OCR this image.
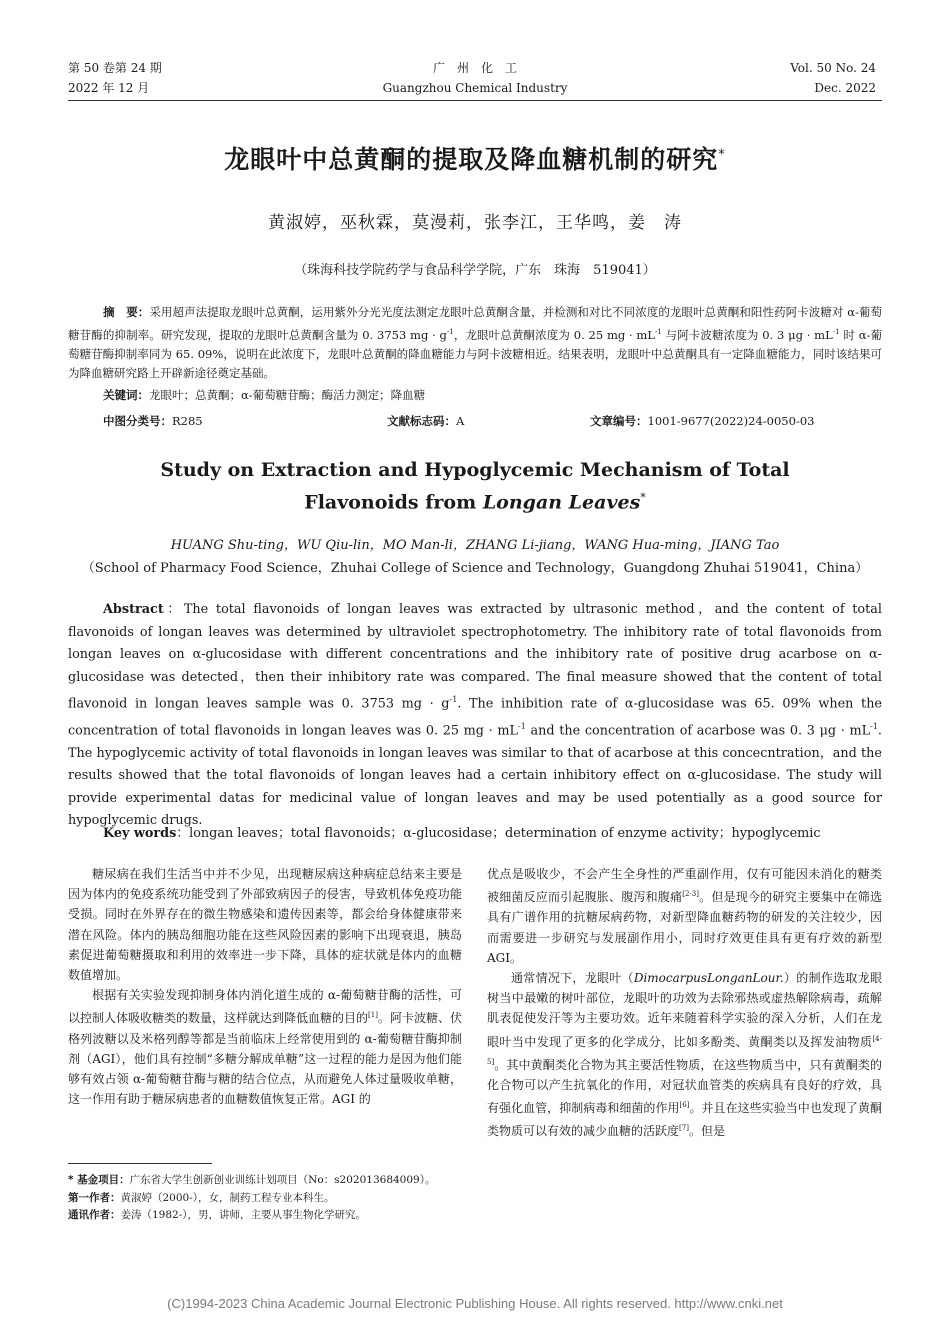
第 50 卷第 24 期
2022 年 12 月
广　州　化　工
Guangzhou Chemical Industry
Vol. 50 No. 24
Dec. 2022
龙眼叶中总黄酮的提取及降血糖机制的研究*
黄淑婷，巫秋霖，莫漫莉，张李江，王华鸣，姜　涛
（珠海科技学院药学与食品科学学院，广东　珠海　519041）
摘　要：采用超声法提取龙眼叶总黄酮，运用紫外分光光度法测定龙眼叶总黄酮含量，并检测和对比不同浓度的龙眼叶总黄酮和阳性药阿卡波糖对 α-葡萄糖苷酶的抑制率。研究发现，提取的龙眼叶总黄酮含量为 0. 3753 mg · $g^{-1}$，龙眼叶总黄酮浓度为 0. 25 mg · $mL^{-1}$ 与阿卡波糖浓度为 0. 3 $\mu g \cdot mL^{-1}$ 时 α-葡萄糖苷酶抑制率同为 65. 09%，说明在此浓度下，龙眼叶总黄酮的降血糖能力与阿卡波糖相近。结果表明，龙眼叶中总黄酮具有一定降血糖能力，同时该结果可为降血糖研究路上开辟新途径奠定基础。
关键词：龙眼叶；总黄酮；α-葡萄糖苷酶；酶活力测定；降血糖
中图分类号：R285	文献标志码：A	文章编号：1001-9677(2022)24-0050-03
Study on Extraction and Hypoglycemic Mechanism of Total
Flavonoids from Longan Leaves*
HUANG Shu-ting，WU Qiu-lin，MO Man-li，ZHANG Li-jiang，WANG Hua-ming，JIANG Tao
（School of Pharmacy Food Science，Zhuhai College of Science and Technology，Guangdong Zhuhai 519041，China）
Abstract：The total flavonoids of longan leaves was extracted by ultrasonic method，and the content of total flavonoids of longan leaves was determined by ultraviolet spectrophotometry. The inhibitory rate of total flavonoids from longan leaves on α-glucosidase with different concentrations and the inhibitory rate of positive drug acarbose on α-glucosidase was detected，then their inhibitory rate was compared. The final measure showed that the content of total flavonoid in longan leaves sample was 0. 3753 mg · $g^{-1}$. The inhibition rate of α-glucosidase was 65. 09% when the concentration of total flavonoids in longan leaves was 0. 25 mg · $mL^{-1}$ and the concentration of acarbose was 0. 3 $\mu g \cdot mL^{-1}$. The hypoglycemic activity of total flavonoids in longan leaves was similar to that of acarbose at this concecntration，and the results showed that the total flavonoids of longan leaves had a certain inhibitory effect on α-glucosidase. The study will provide experimental datas for medicinal value of longan leaves and may be used potentially as a good source for hypoglycemic drugs.
Key words：longan leaves；total flavonoids；α-glucosidase；determination of enzyme activity；hypoglycemic

糖尿病在我们生活当中并不少见，出现糖尿病这种病症总结来主要是因为体内的免疫系统功能受到了外部致病因子的侵害，导致机体免疫功能受损。同时在外界存在的微生物感染和遗传因素等，都会给身体健康带来潜在风险。体内的胰岛细胞功能在这些风险因素的影响下出现衰退，胰岛素促进葡萄糖摄取和利用的效率进一步下降，具体的症状就是体内的血糖数值增加。

根据有关实验发现抑制身体内消化道生成的 α-葡萄糖苷酶的活性，可以控制人体吸收糖类的数量，这样就达到降低血糖的目的[1]。阿卡波糖、伏格列波糖以及米格列醇等都是当前临床上经常使用到的 α-葡萄糖苷酶抑制剂（AGI），他们具有控制“多糖分解成单糖”这一过程的能力是因为他们能够有效占领 α-葡萄糖苷酶与糖的结合位点，从而避免人体过量吸收单糖，这一作用有助于糖尿病患者的血糖数值恢复正常。AGI 的

优点是吸收少，不会产生全身性的严重副作用，仅有可能因未消化的糖类被细菌反应而引起腹胀、腹泻和腹痛[2-3]。但是现今的研究主要集中在筛选具有广谱作用的抗糖尿病药物，对新型降血糖药物的研发的关注较少，因而需要进一步研究与发展副作用小，同时疗效更佳具有更有疗效的新型 AGI。

通常情况下，龙眼叶（DimocarpusLonganLour.）的制作选取龙眼树当中最嫩的树叶部位，龙眼叶的功效为去除邪热或虚热解除病毒，疏解肌表促使发汗等为主要功效。近年来随着科学实验的深入分析，人们在龙眼叶当中发现了更多的化学成分，比如多酚类、黄酮类以及挥发油物质[4-5]。其中黄酮类化合物为其主要活性物质，在这些物质当中，只有黄酮类的化合物可以产生抗氧化的作用，对冠状血管类的疾病具有良好的疗效，具有强化血管，抑制病毒和细菌的作用[6]。并且在这些实验当中也发现了黄酮类物质可以有效的减少血糖的活跃度[7]。但是

* 基金项目：广东省大学生创新创业训练计划项目（No：s202013684009）。
第一作者：黄淑婷（2000-），女，制药工程专业本科生。
通讯作者：姜涛（1982-），男，讲师，主要从事生物化学研究。
(C)1994-2023 China Academic Journal Electronic Publishing House. All rights reserved. http://www.cnki.net
